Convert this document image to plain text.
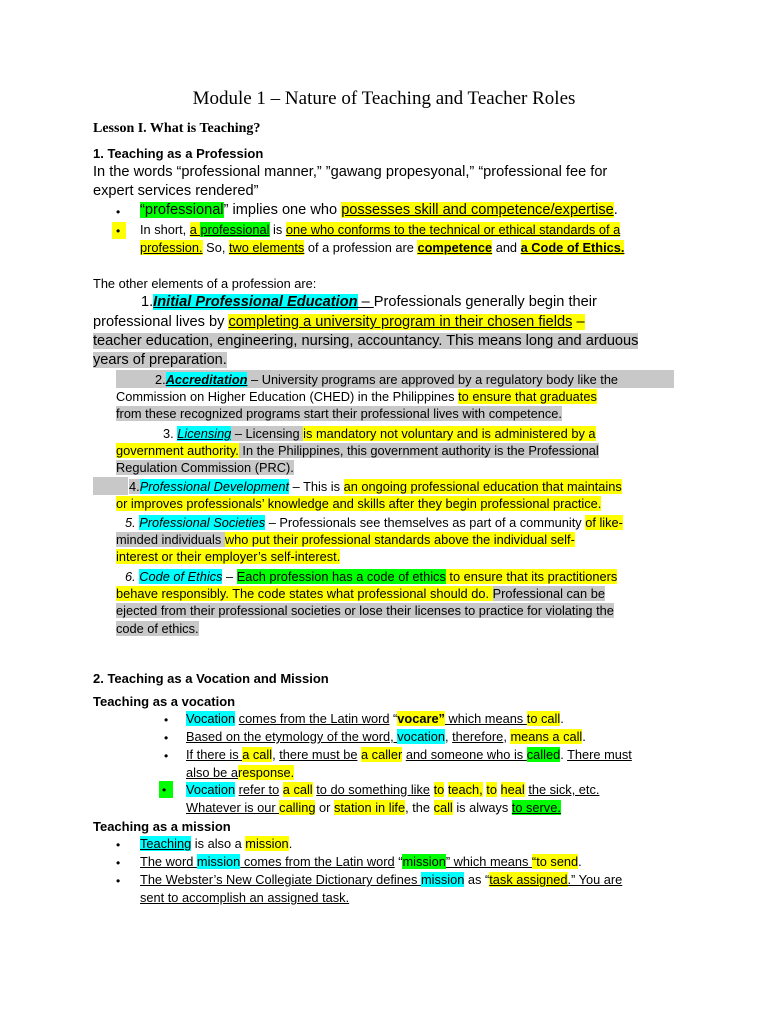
Module 1 – Nature of Teaching and Teacher Roles
Lesson I. What is Teaching?
1. Teaching as a Profession
In the words “professional manner,” ”gawang propesyonal,” “professional fee for
expert services rendered”
• “professional” implies one who possesses skill and competence/expertise.
• In short, a professional is one who conforms to the technical or ethical standards of a
profession. So, two elements of a profession are competence and a Code of Ethics.
The other elements of a profession are:
1.Initial Professional Education – Professionals generally begin their
professional lives by completing a university program in their chosen fields –
teacher education, engineering, nursing, accountancy. This means long and arduous
years of preparation.
2.Accreditation – University programs are approved by a regulatory body like the
Commission on Higher Education (CHED) in the Philippines to ensure that graduates
from these recognized programs start their professional lives with competence.
3. Licensing – Licensing is mandatory not voluntary and is administered by a
government authority. In the Philippines, this government authority is the Professional
Regulation Commission (PRC).
4.Professional Development – This is an ongoing professional education that maintains
or improves professionals’ knowledge and skills after they begin professional practice.
5. Professional Societies – Professionals see themselves as part of a community of like-
minded individuals who put their professional standards above the individual self-
interest or their employer’s self-interest.
6. Code of Ethics – Each profession has a code of ethics to ensure that its practitioners
behave responsibly. The code states what professional should do. Professional can be
ejected from their professional societies or lose their licenses to practice for violating the
code of ethics.
2. Teaching as a Vocation and Mission
Teaching as a vocation
• Vocation comes from the Latin word “vocare” which means to call.
• Based on the etymology of the word, vocation, therefore, means a call.
• If there is a call, there must be a caller and someone who is called. There must
also be aresponse.
• Vocation refer to a call to do something like to teach, to heal the sick, etc.
Whatever is our calling or station in life, the call is always to serve.
Teaching as a mission
• Teaching is also a mission.
• The word mission comes from the Latin word “mission” which means “to send.
• The Webster’s New Collegiate Dictionary defines mission as “task assigned.” You are
sent to accomplish an assigned task.
